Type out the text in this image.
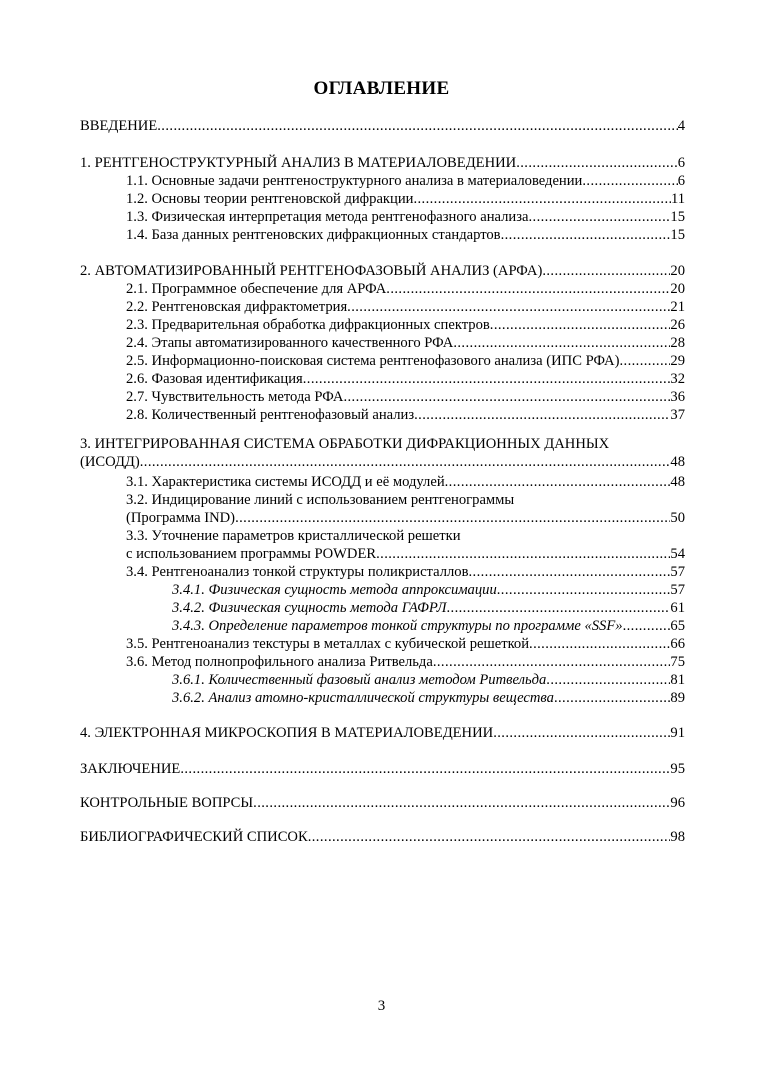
ОГЛАВЛЕНИЕ
ВВЕДЕНИЕ .....	4
1. РЕНТГЕНОСТРУКТУРНЫЙ АНАЛИЗ В МАТЕРИАЛОВЕДЕНИИ .....	6
1.1. Основные задачи рентгеноструктурного анализа в материаловедении .....	6
1.2. Основы теории рентгеновской дифракции .....	11
1.3. Физическая интерпретация метода рентгенофазного анализа .....	15
1.4. База данных рентгеновских дифракционных стандартов .....	15
2. АВТОМАТИЗИРОВАННЫЙ РЕНТГЕНОФАЗОВЫЙ АНАЛИЗ (АРФА) .....	20
2.1. Программное обеспечение для АРФА .....	20
2.2. Рентгеновская дифрактометрия .....	21
2.3. Предварительная обработка дифракционных спектров .....	26
2.4. Этапы автоматизированного качественного РФА .....	28
2.5. Информационно-поисковая система рентгенофазового анализа (ИПС РФА) .....	29
2.6. Фазовая идентификация .....	32
2.7. Чувствительность метода РФА .....	36
2.8. Количественный рентгенофазовый анализ .....	37
3. ИНТЕГРИРОВАННАЯ СИСТЕМА ОБРАБОТКИ ДИФРАКЦИОННЫХ ДАННЫХ
(ИСОДД) .....	48
3.1. Характеристика системы ИСОДД и её модулей .....	48
3.2. Индицирование линий с использованием рентгенограммы
(Программа IND) .....	50
3.3. Уточнение параметров кристаллической решетки
с использованием программы POWDER .....	54
3.4. Рентгеноанализ тонкой структуры поликристаллов .....	57
3.4.1. Физическая сущность метода аппроксимации .....	57
3.4.2. Физическая сущность метода ГАФРЛ .....	61
3.4.3. Определение параметров тонкой структуры по программе «SSF» .....	65
3.5. Рентгеноанализ текстуры в металлах с кубической решеткой .....	66
3.6. Метод полнопрофильного анализа Ритвельда .....	75
3.6.1. Количественный фазовый анализ методом Ритвельда .....	81
3.6.2. Анализ атомно-кристаллической структуры вещества .....	89
4. ЭЛЕКТРОННАЯ МИКРОСКОПИЯ В МАТЕРИАЛОВЕДЕНИИ .....	91
ЗАКЛЮЧЕНИЕ .....	95
КОНТРОЛЬНЫЕ ВОПРСЫ .....	96
БИБЛИОГРАФИЧЕСКИЙ СПИСОК .....	98
3
